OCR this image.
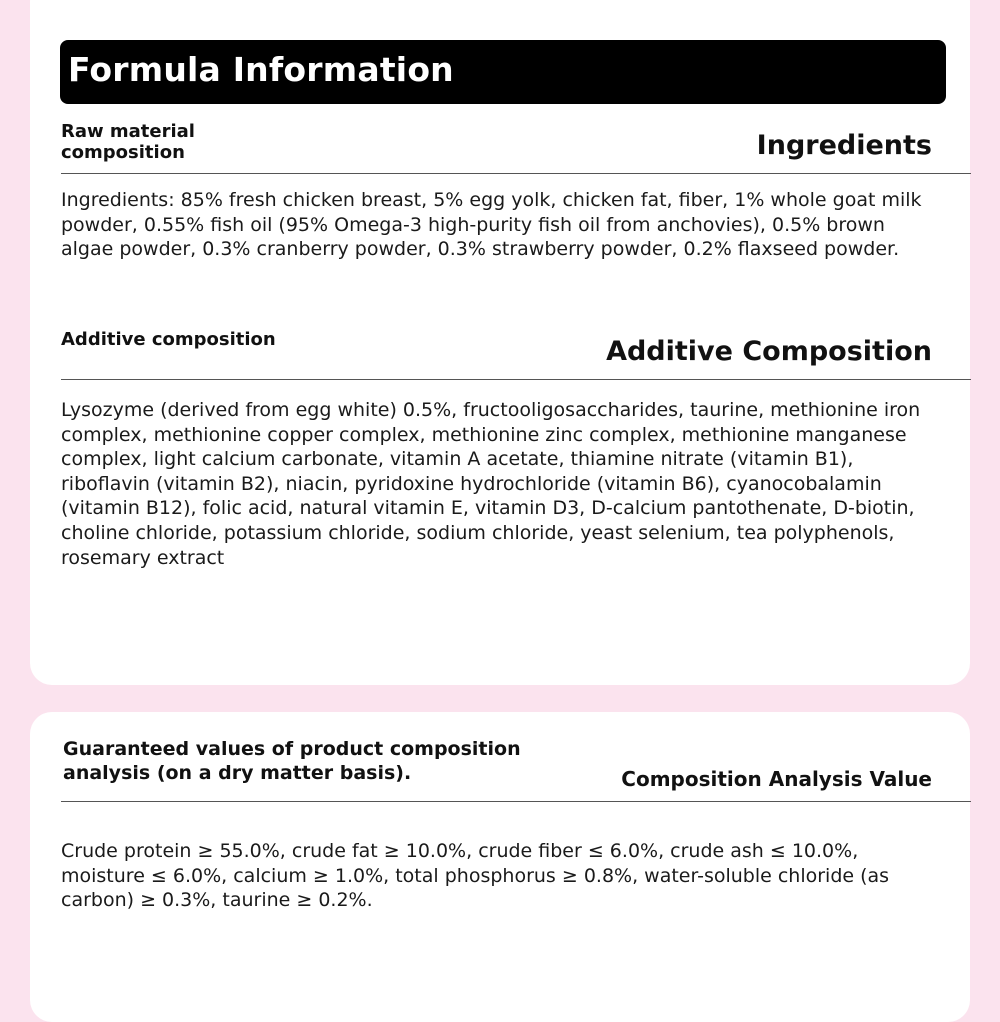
Formula Information
Raw material composition	Ingredients
Ingredients: 85% fresh chicken breast, 5% egg yolk, chicken fat, fiber, 1% whole goat milk powder, 0.55% fish oil (95% Omega-3 high-purity fish oil from anchovies), 0.5% brown algae powder, 0.3% cranberry powder, 0.3% strawberry powder, 0.2% flaxseed powder.
Additive composition	Additive Composition
Lysozyme (derived from egg white) 0.5%, fructooligosaccharides, taurine, methionine iron complex, methionine copper complex, methionine zinc complex, methionine manganese complex, light calcium carbonate, vitamin A acetate, thiamine nitrate (vitamin B1), riboflavin (vitamin B2), niacin, pyridoxine hydrochloride (vitamin B6), cyanocobalamin (vitamin B12), folic acid, natural vitamin E, vitamin D3, D-calcium pantothenate, D-biotin, choline chloride, potassium chloride, sodium chloride, yeast selenium, tea polyphenols, rosemary extract
Guaranteed values of product composition analysis (on a dry matter basis).	Composition Analysis Value
Crude protein ≥ 55.0%, crude fat ≥ 10.0%, crude fiber ≤ 6.0%, crude ash ≤ 10.0%, moisture ≤ 6.0%, calcium ≥ 1.0%, total phosphorus ≥ 0.8%, water-soluble chloride (as carbon) ≥ 0.3%, taurine ≥ 0.2%.
